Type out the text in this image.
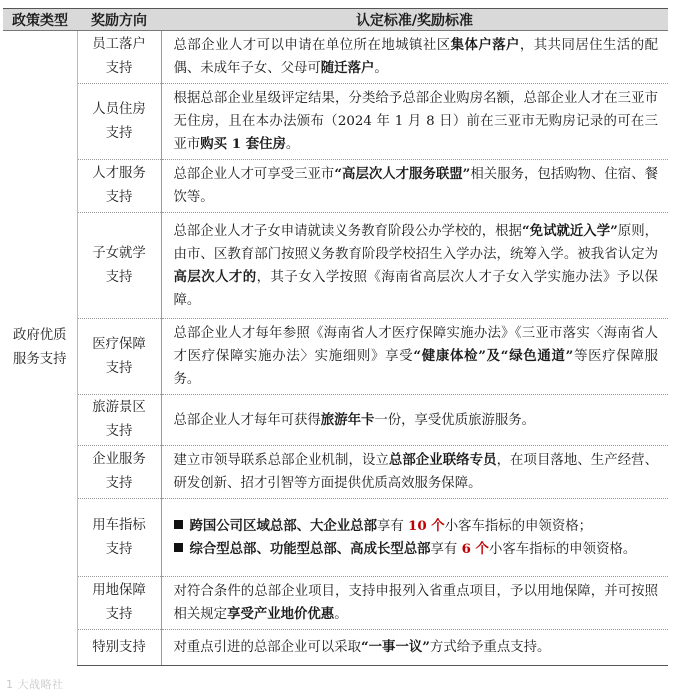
政策类型	奖励方向	认定标准/奖励标准

政府优质服务支持	员工落户支持	总部企业人才可以申请在单位所在地城镇社区集体户落户，其共同居住生活的配偶、未成年子女、父母可随迁落户。
	人员住房支持	根据总部企业星级评定结果，分类给予总部企业购房名额，总部企业人才在三亚市无住房，且在本办法颁布（2024 年 1 月 8 日）前在三亚市无购房记录的可在三亚市购买 1 套住房。
	人才服务支持	总部企业人才可享受三亚市“高层次人才服务联盟”相关服务，包括购物、住宿、餐饮等。
	子女就学支持	总部企业人才子女申请就读义务教育阶段公办学校的，根据“免试就近入学”原则，由市、区教育部门按照义务教育阶段学校招生入学办法，统筹入学。被我省认定为高层次人才的，其子女入学按照《海南省高层次人才子女入学实施办法》予以保障。
	医疗保障支持	总部企业人才每年参照《海南省人才医疗保障实施办法》《三亚市落实〈海南省人才医疗保障实施办法〉实施细则》享受“健康体检”及“绿色通道”等医疗保障服务。
	旅游景区支持	总部企业人才每年可获得旅游年卡一份，享受优质旅游服务。
	企业服务支持	建立市领导联系总部企业机制，设立总部企业联络专员，在项目落地、生产经营、研发创新、招才引智等方面提供优质高效服务保障。
	用车指标支持	跨国公司区域总部、大企业总部享有 10 个小客车指标的申领资格；
综合型总部、功能型总部、高成长型总部享有 6 个小客车指标的申领资格。

	用地保障支持	对符合条件的总部企业项目，支持申报列入省重点项目，予以用地保障，并可按照相关规定享受产业地价优惠。
	特别支持	对重点引进的总部企业可以采取“一事一议”方式给予重点支持。
1 大战略社
